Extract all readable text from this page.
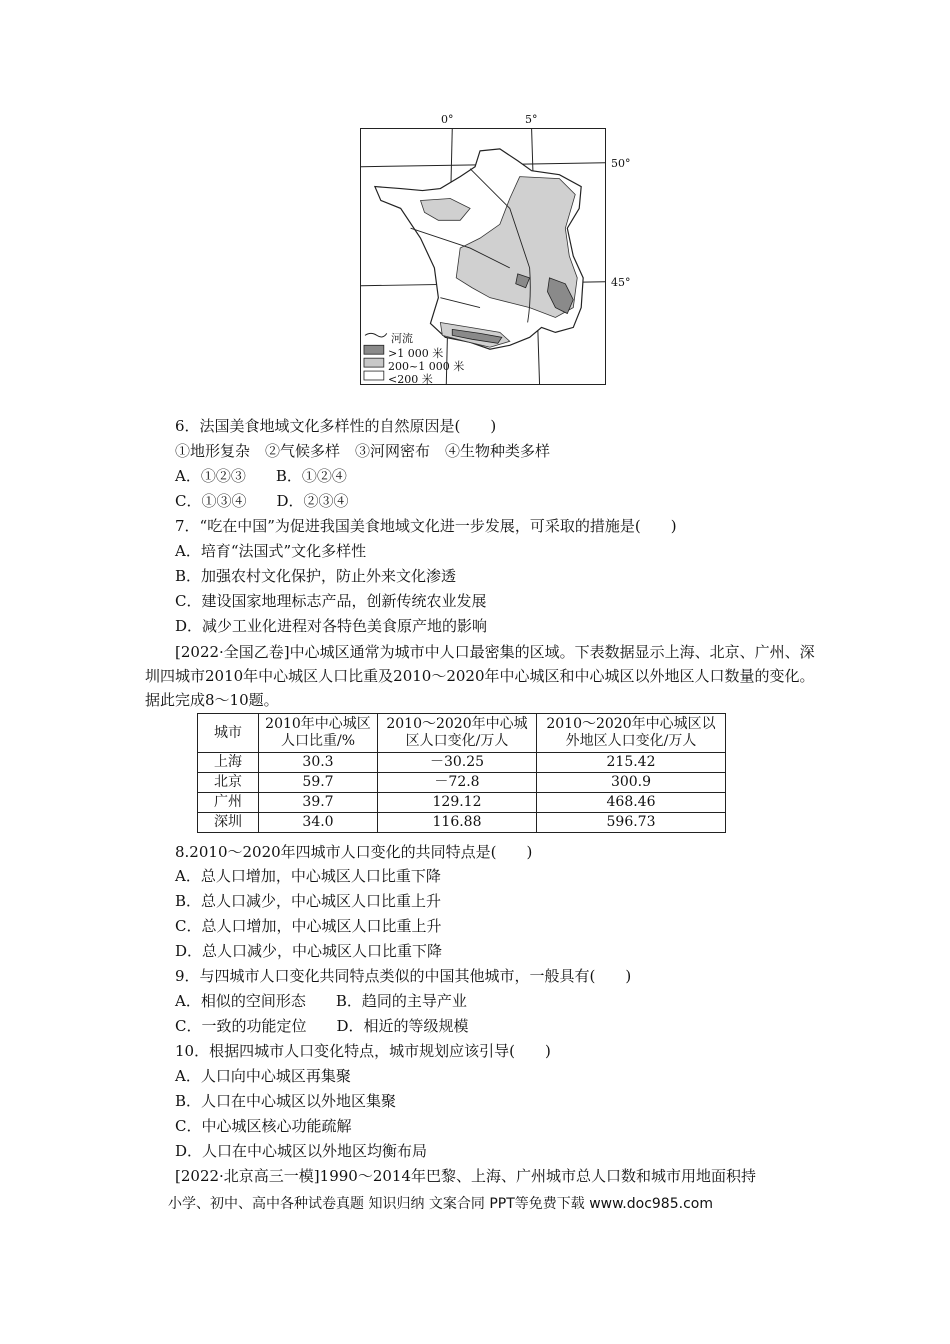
0°	5°
50°
45°
河流
>1 000 米
200~1 000 米
<200 米
6．法国美食地域文化多样性的自然原因是(　　)
①地形复杂　②气候多样　③河网密布　④生物种类多样
A．①②③　　B．①②④
C．①③④　　D．②③④
7．“吃在中国”为促进我国美食地域文化进一步发展，可采取的措施是(　　)
A．培育“法国式”文化多样性
B．加强农村文化保护，防止外来文化渗透
C．建设国家地理标志产品，创新传统农业发展
D．减少工业化进程对各特色美食原产地的影响
[2022·全国乙卷]中心城区通常为城市中人口最密集的区域。下表数据显示上海、北京、广州、深圳四城市2010年中心城区人口比重及2010～2020年中心城区和中心城区以外地区人口数量的变化。据此完成8～10题。
城市	2010年中心城区人口比重/%	2010～2020年中心城区人口变化/万人	2010～2020年中心城区以外地区人口变化/万人
上海	30.3	－30.25	215.42
北京	59.7	－72.8	300.9
广州	39.7	129.12	468.46
深圳	34.0	116.88	596.73
8.2010～2020年四城市人口变化的共同特点是(　　)
A．总人口增加，中心城区人口比重下降
B．总人口减少，中心城区人口比重上升
C．总人口增加，中心城区人口比重上升
D．总人口减少，中心城区人口比重下降
9．与四城市人口变化共同特点类似的中国其他城市，一般具有(　　)
A．相似的空间形态　　B．趋同的主导产业
C．一致的功能定位　　D．相近的等级规模
10．根据四城市人口变化特点，城市规划应该引导(　　)
A．人口向中心城区再集聚
B．人口在中心城区以外地区集聚
C．中心城区核心功能疏解
D．人口在中心城区以外地区均衡布局
[2022·北京高三一模]1990～2014年巴黎、上海、广州城市总人口数和城市用地面积持
小学、初中、高中各种试卷真题 知识归纳 文案合同 PPT等免费下载 www.doc985.com
